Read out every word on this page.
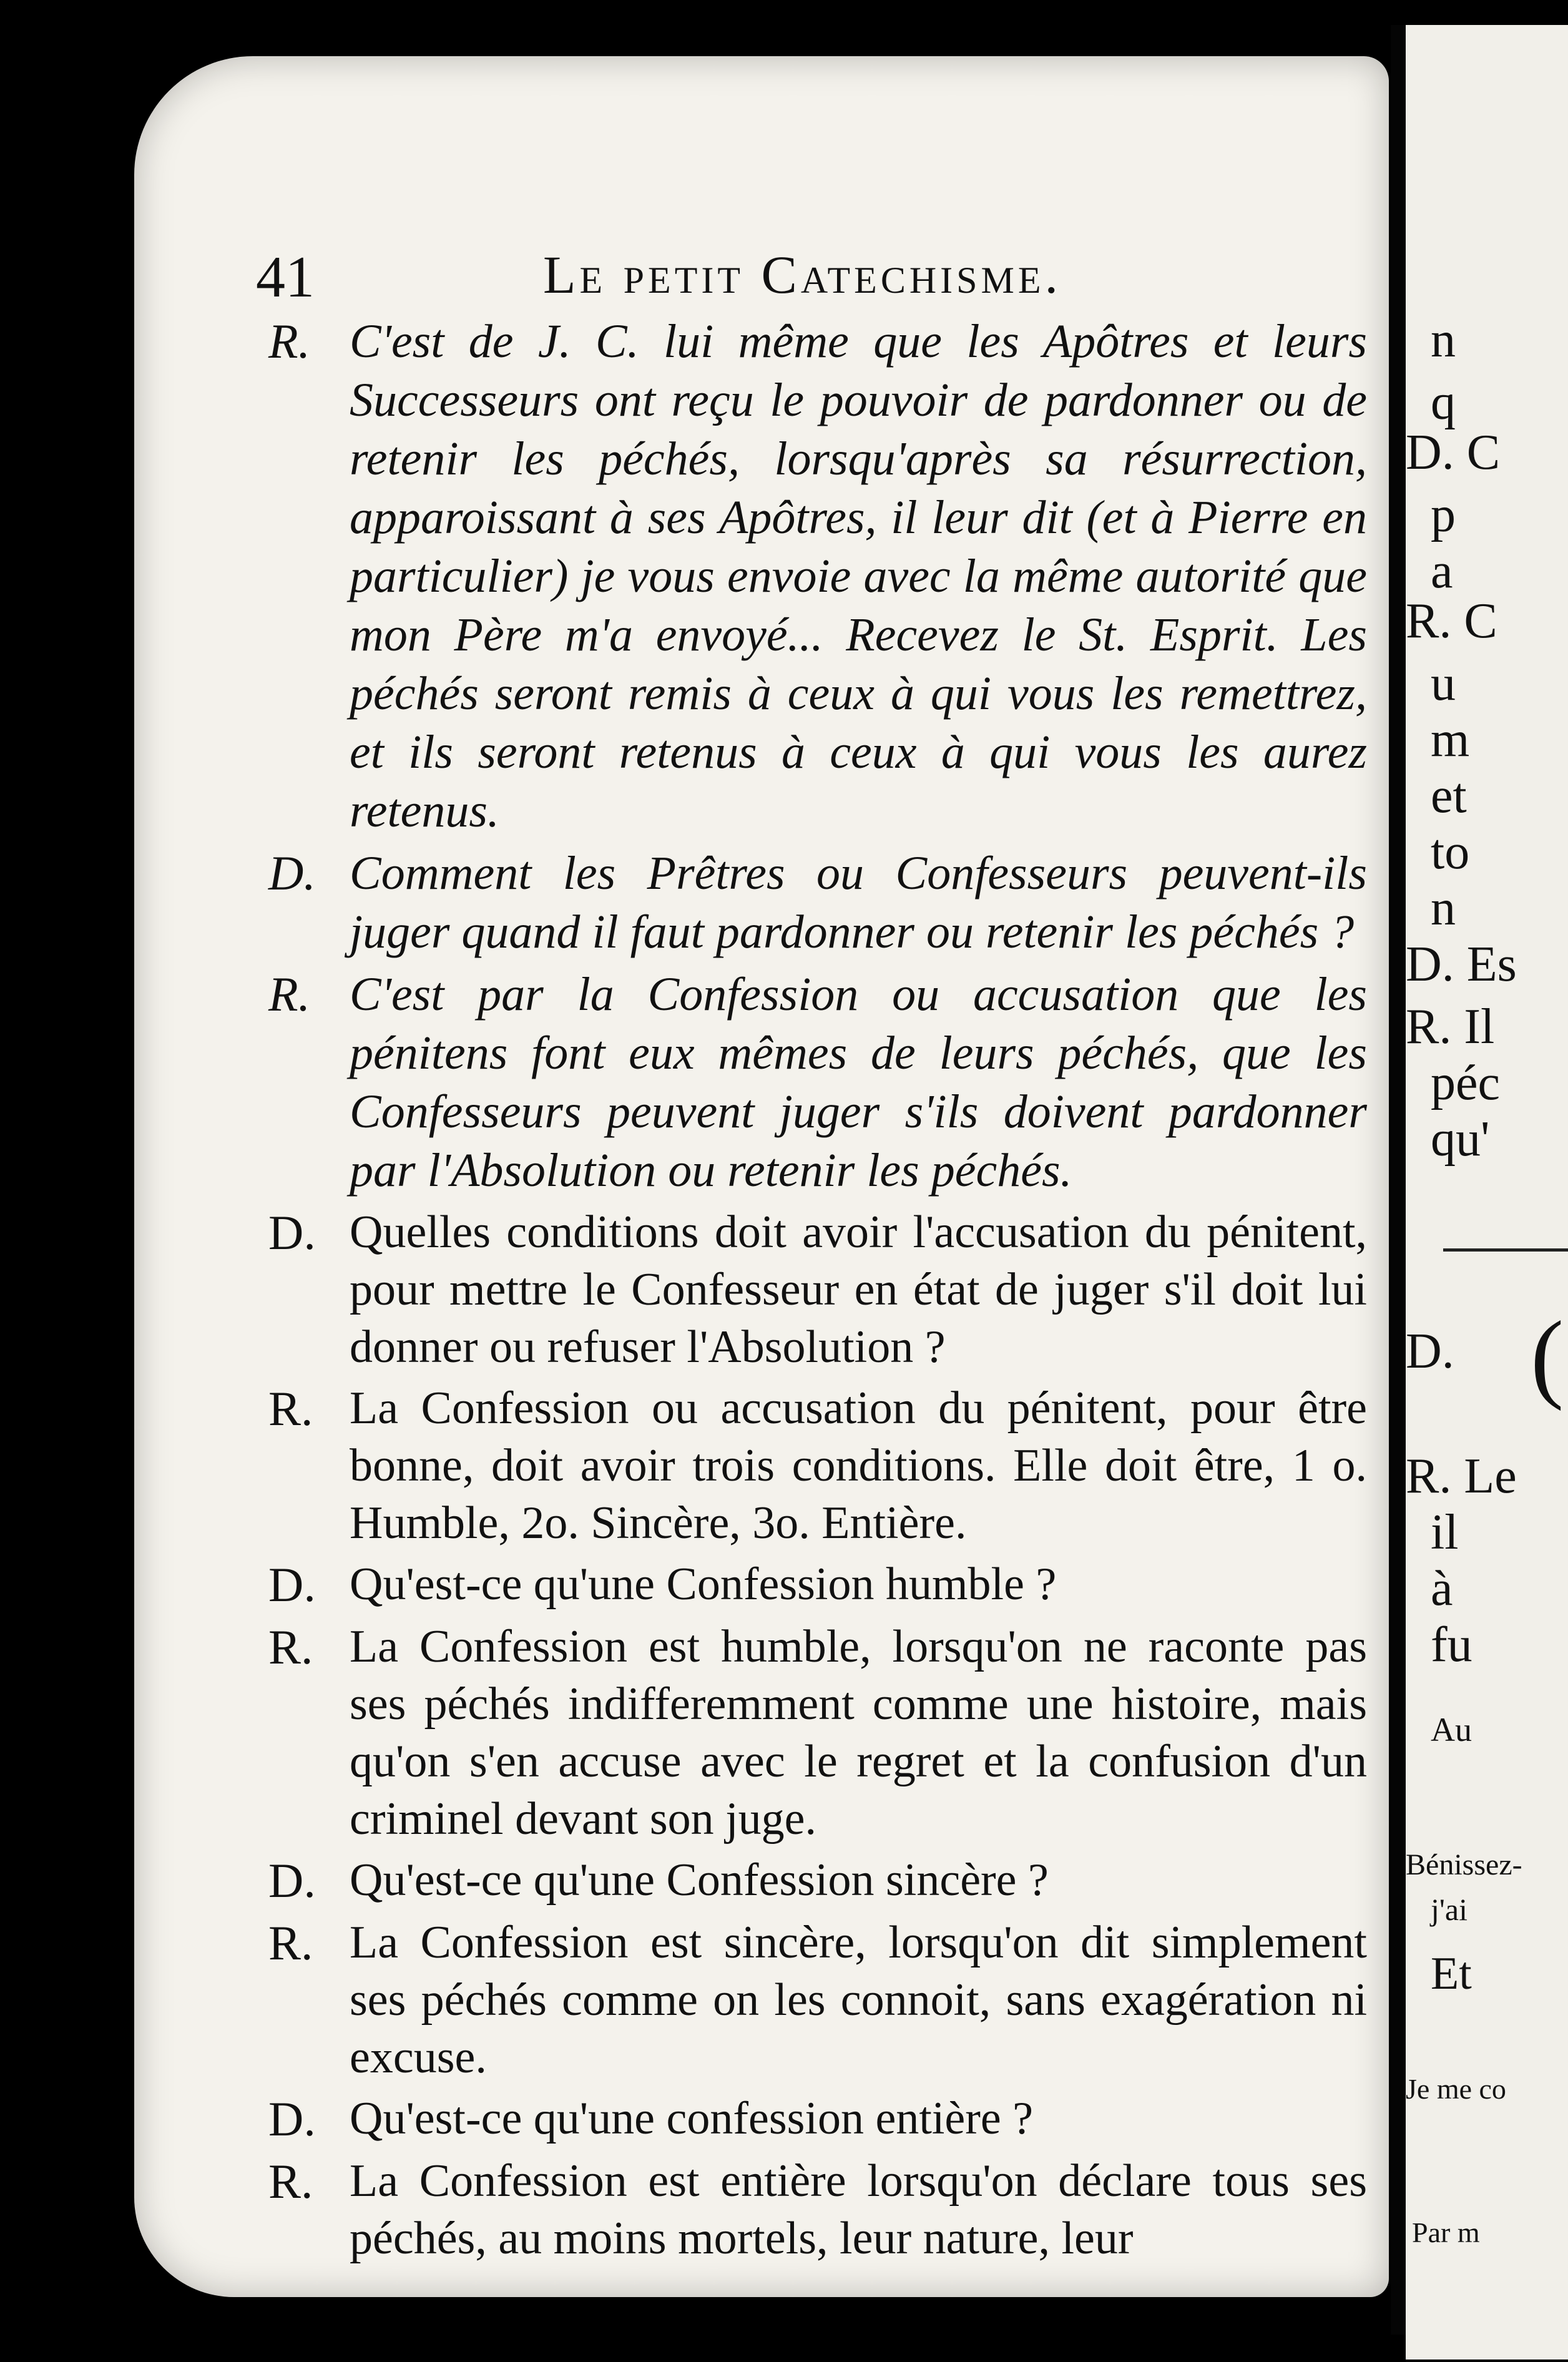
41	Le petit Catechisme.
R. C'est de J. C. lui même que les Apôtres et leurs Successeurs ont reçu le pouvoir de pardonner ou de retenir les péchés, lorsqu'après sa résurrection, apparoissant à ses Apôtres, il leur dit (et à Pierre en particulier) je vous envoie avec la même autorité que mon Père m'a envoyé... Recevez le St. Esprit. Les péchés seront remis à ceux à qui vous les remettrez, et ils seront retenus à ceux à qui vous les aurez retenus.
D. Comment les Prêtres ou Confesseurs peuvent-ils juger quand il faut pardonner ou retenir les péchés ?
R. C'est par la Confession ou accusation que les pénitens font eux mêmes de leurs péchés, que les Confesseurs peuvent juger s'ils doivent pardonner par l'Absolution ou retenir les péchés.
D. Quelles conditions doit avoir l'accusation du pénitent, pour mettre le Confesseur en état de juger s'il doit lui donner ou refuser l'Absolution ?
R. La Confession ou accusation du pénitent, pour être bonne, doit avoir trois conditions. Elle doit être, 1 o. Humble, 2o. Sincère, 3o. Entière.
D. Qu'est-ce qu'une Confession humble ?
R. La Confession est humble, lorsqu'on ne raconte pas ses péchés indifferemment comme une histoire, mais qu'on s'en accuse avec le regret et la confusion d'un criminel devant son juge.
D. Qu'est-ce qu'une Confession sincère ?
R. La Confession est sincère, lorsqu'on dit simplement ses péchés comme on les connoit, sans exagération ni excuse.
D. Qu'est-ce qu'une confession entière ?
R. La Confession est entière lorsqu'on déclare tous ses péchés, au moins mortels, leur nature, leur
n
q
D. C
p
a
R. C
u
m
et
to
n
D. Es
R. Il
péc
qu'
D.
R. Le
il
à
fu
Au
Bénissez-
j'ai
Et
Je me co
Par m
(
